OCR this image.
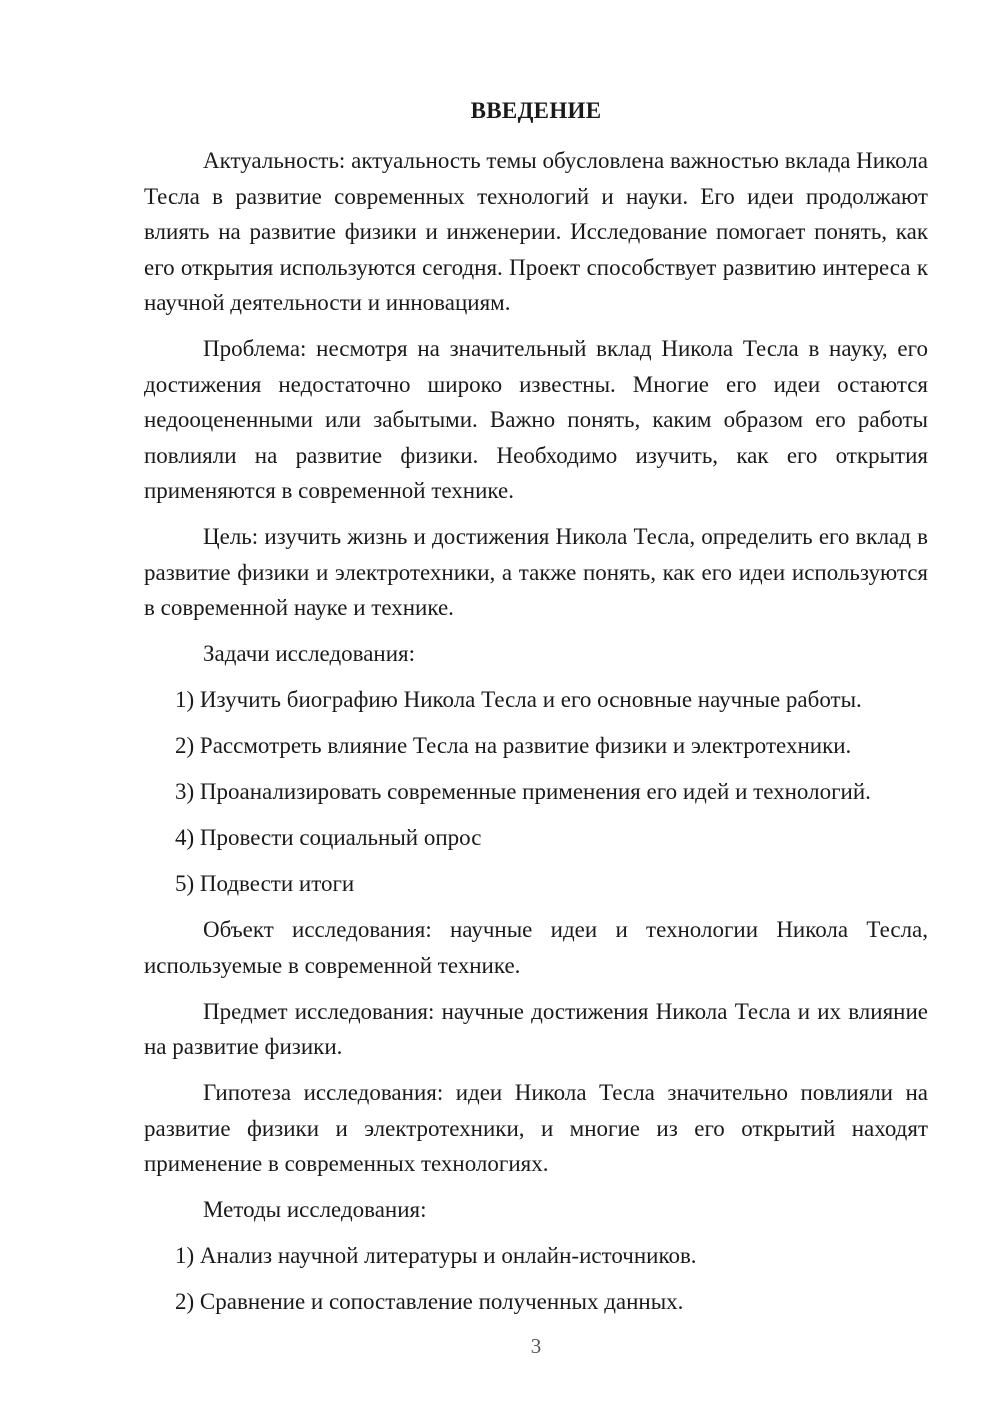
ВВЕДЕНИЕ

Актуальность: актуальность темы обусловлена важностью вклада Никола Тесла в развитие современных технологий и науки. Его идеи продолжают влиять на развитие физики и инженерии. Исследование помогает понять, как его открытия используются сегодня. Проект способствует развитию интереса к научной деятельности и инновациям.

Проблема: несмотря на значительный вклад Никола Тесла в науку, его достижения недостаточно широко известны. Многие его идеи остаются недооцененными или забытыми. Важно понять, каким образом его работы повлияли на развитие физики. Необходимо изучить, как его открытия применяются в современной технике.

Цель: изучить жизнь и достижения Никола Тесла, определить его вклад в развитие физики и электротехники, а также понять, как его идеи используются в современной науке и технике.

Задачи исследования:
1) Изучить биографию Никола Тесла и его основные научные работы.
2) Рассмотреть влияние Тесла на развитие физики и электротехники.
3) Проанализировать современные применения его идей и технологий.
4) Провести социальный опрос
5) Подвести итоги

Объект исследования: научные идеи и технологии Никола Тесла, используемые в современной технике.

Предмет исследования: научные достижения Никола Тесла и их влияние на развитие физики.

Гипотеза исследования: идеи Никола Тесла значительно повлияли на развитие физики и электротехники, и многие из его открытий находят применение в современных технологиях.

Методы исследования:
1) Анализ научной литературы и онлайн-источников.
2) Сравнение и сопоставление полученных данных.
3
